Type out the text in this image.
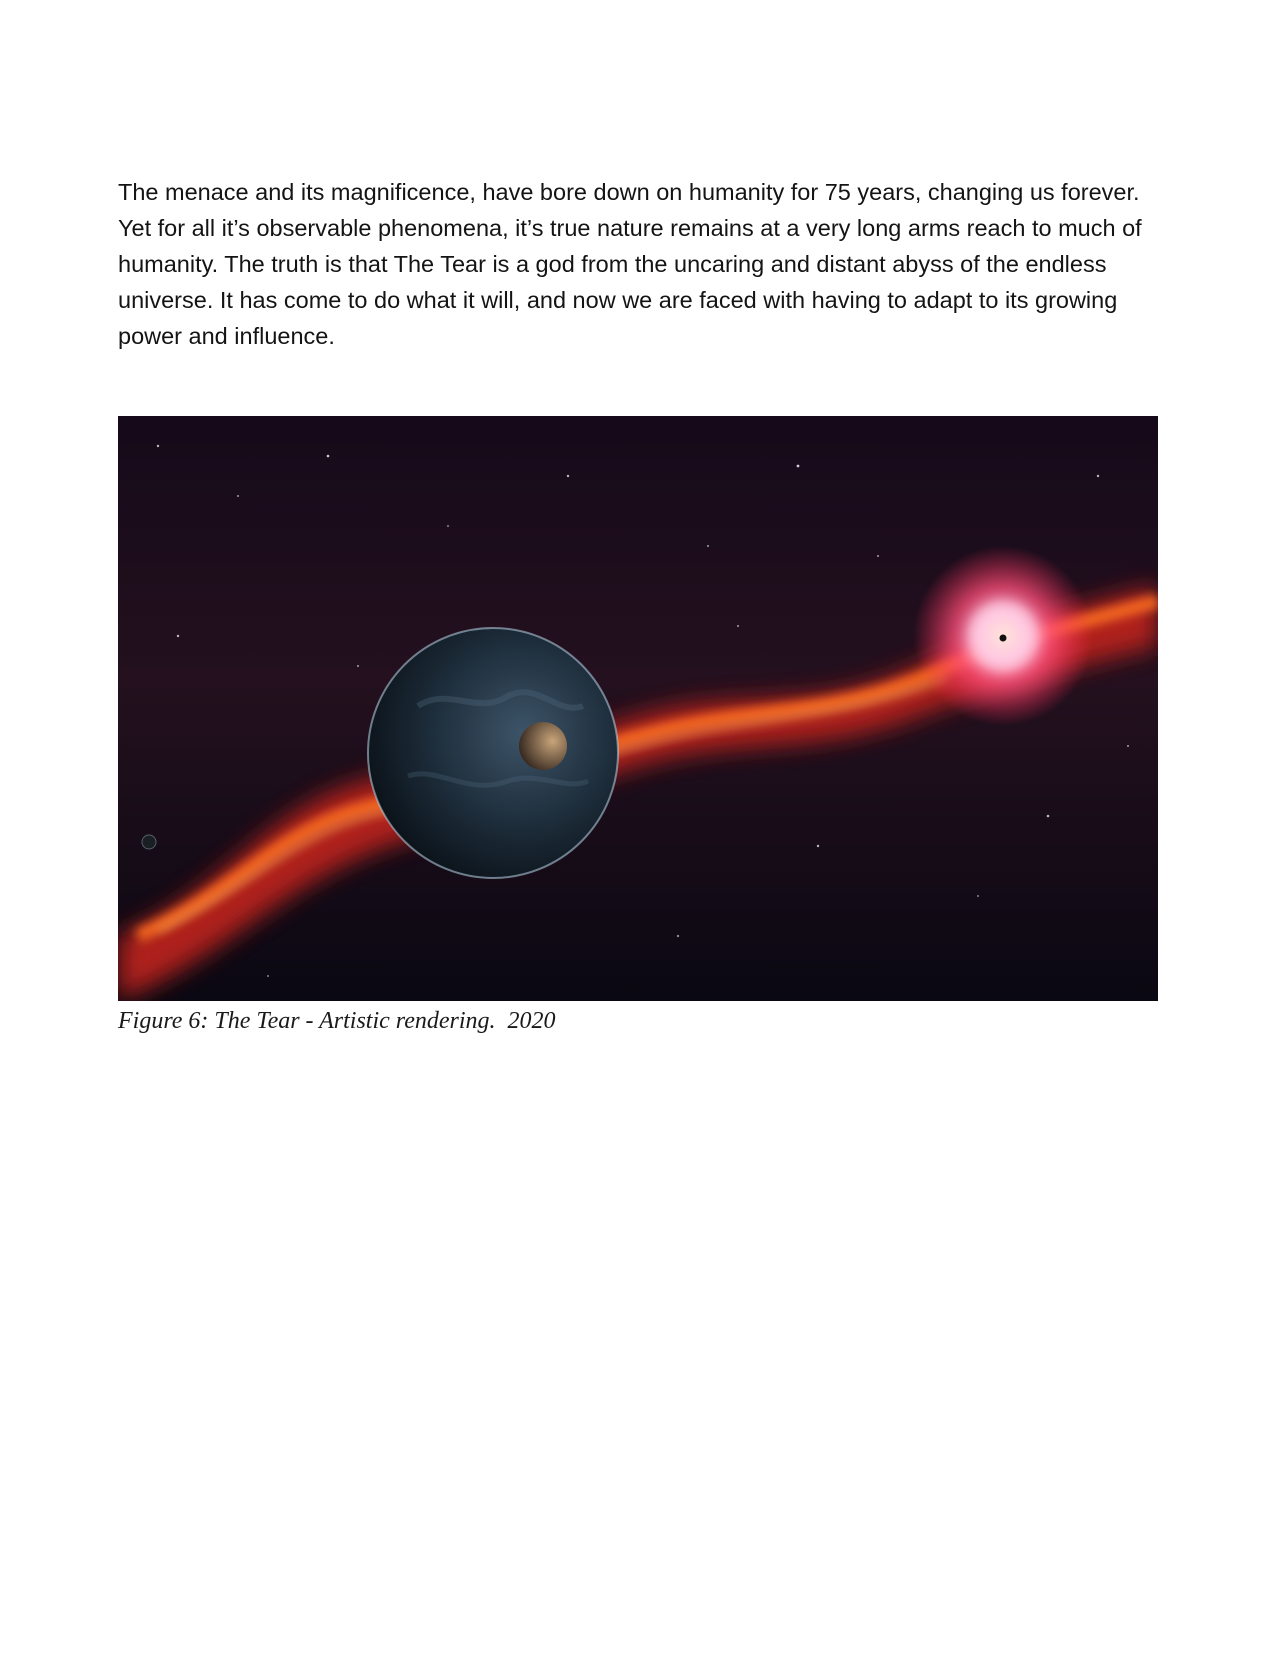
The menace and its magnificence, have bore down on humanity for 75 years, changing us forever. Yet for all it’s observable phenomena, it’s true nature remains at a very long arms reach to much of humanity. The truth is that The Tear is a god from the uncaring and distant abyss of the endless universe. It has come to do what it will, and now we are faced with having to adapt to its growing power and influence.

Figure 6: The Tear - Artistic rendering.  2020
